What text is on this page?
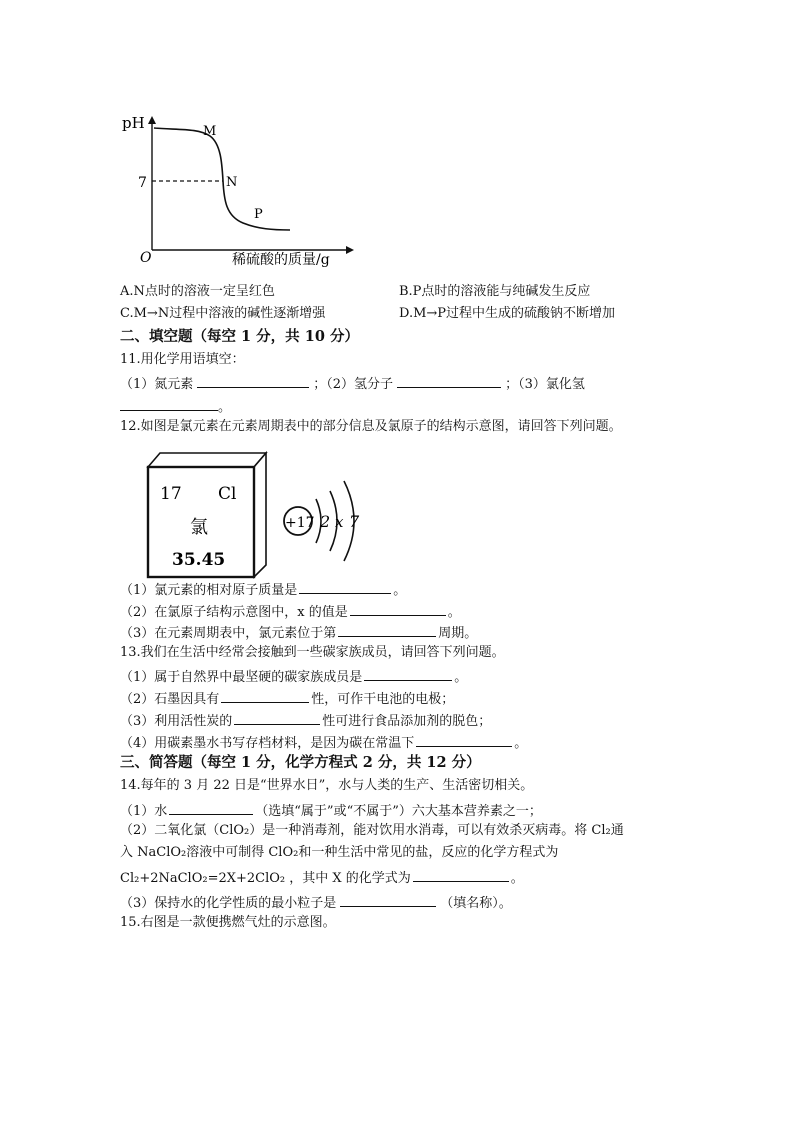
pH
7
O
M
N
P
稀硫酸的质量/g
A.N点时的溶液一定呈红色	B.P点时的溶液能与纯碱发生反应
C.M→N过程中溶液的碱性逐渐增强	D.M→P过程中生成的硫酸钠不断增加
二、填空题（每空 1 分，共 10 分）
11.用化学用语填空：
（1）氮元素	；（2）氢分子	；（3）氯化氢
。
12.如图是氯元素在元素周期表中的部分信息及氯原子的结构示意图，请回答下列问题。
17 Cl
氯
35.45
+17 2 x 7
（1）氯元素的相对原子质量是	。
（2）在氯原子结构示意图中，x 的值是	。
（3）在元素周期表中，氯元素位于第	周期。
13.我们在生活中经常会接触到一些碳家族成员，请回答下列问题。
（1）属于自然界中最坚硬的碳家族成员是	。
（2）石墨因具有	性，可作干电池的电极；
（3）利用活性炭的	性可进行食品添加剂的脱色；
（4）用碳素墨水书写存档材料，是因为碳在常温下	。
三、简答题（每空 1 分，化学方程式 2 分，共 12 分）
14.每年的 3 月 22 日是“世界水日”，水与人类的生产、生活密切相关。
（1）水	（选填“属于”或“不属于”）六大基本营养素之一；
（2）二氧化氯（ClO₂）是一种消毒剂，能对饮用水消毒，可以有效杀灭病毒。将 Cl₂通
入 NaClO₂溶液中可制得 ClO₂和一种生活中常见的盐，反应的化学方程式为
Cl₂+2NaClO₂=2X+2ClO₂ ，其中 X 的化学式为	。
（3）保持水的化学性质的最小粒子是	（填名称）。
15.右图是一款便携燃气灶的示意图。
